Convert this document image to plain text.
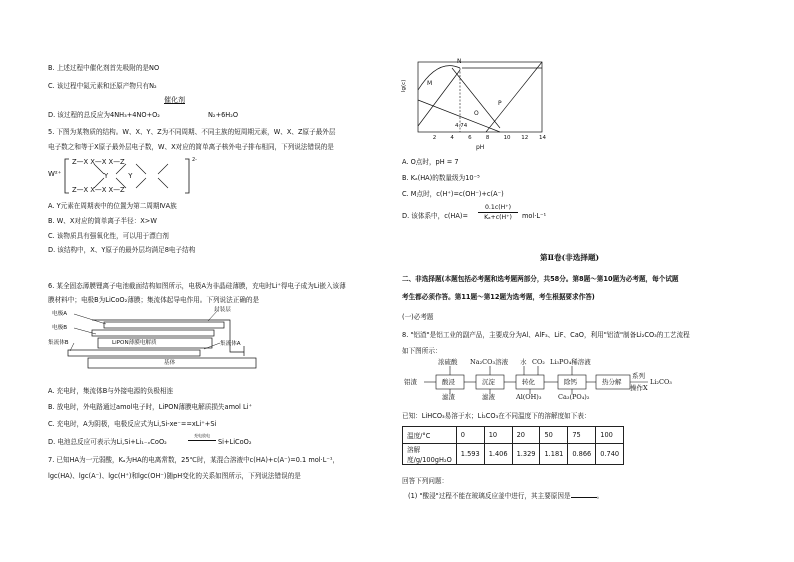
B. 上述过程中催化剂首先吸附的是NO
C. 该过程中氮元素和还原产物只有N₂
催化剂
D. 该过程的总反应为4NH₃+4NO+O₂	N₂+6H₂O
5. 下图为某物质的结构。W、X、Y、Z为不同周期、不同主族的短周期元素，W、X、Z原子最外层
电子数之和等于X原子最外层电子数，W、X对应的简单离子核外电子排布相同，下列说法错误的是
W²⁺
Z—X X—X X—Z
Y Y
Z—X X—X X—Z
2-
A. Y元素在周期表中的位置为第二周期ⅣA族
B. W、X对应的简单离子半径：X>W
C. 该物质具有强氧化性，可以用于漂白剂
D. 该结构中，X、Y原子的最外层均满足8电子结构
6. 某全固态薄膜锂离子电池截面结构如图所示，电极A为非晶硅薄膜，充电时Li⁺得电子成为Li嵌入该薄
膜材料中；电极B为LiCoO₂薄膜；集流体起导电作用。下列说法正确的是
电极A
电极B
集流体B
封装层
LiPON薄膜电解质	集流体A
基体
A. 充电时，集流体B与外接电源的负极相连
B. 放电时，外电路通过amol电子时，LiPON薄膜电解质损失amol Li⁺
C. 充电时，A为阴极，电极反应式为Li,Si-xe⁻==xLi⁺+Si
D. 电池总反应可表示为Li,Si+Li₁₋ₓCoO₂
充电放电
Si+LiCoO₂
7. 已知HA为一元弱酸，Kₐ为HA的电离常数，25℃时，某混合溶液中c(HA)+c(A⁻)=0.1 mol·L⁻¹，
lgc(HA)、lgc(A⁻)、lgc(H⁺)和lgc(OH⁻)随pH变化的关系如图所示，下列说法错误的是
lg(c)
pH
M
N
O
P
4.74
2	4	6	8	10 12 14
A. O点时，pH = 7
B. Kₐ(HA)的数量级为10⁻⁵
C. M点时，c(H⁺)=c(OH⁻)+c(A⁻)
D. 该体系中，c(HA)=
0.1c(H⁺)
Kₐ+c(H⁺)	mol·L⁻¹
第Ⅱ卷(非选择题)
二、非选择题(本题包括必考题和选考题两部分，共58分。第8题～第10题为必考题，每个试题
考生都必须作答。第11题～第12题为选考题，考生根据要求作答)
(一)必考题
8. "铝渣"是铝工业的副产品，主要成分为Al、AlF₃、LiF、CaO，利用"铝渣"制备Li₂CO₃的工艺流程
如下图所示：
铝渣
浓硫酸
酸浸
滤渣
Na₂CO₃溶液
沉淀
滤液
水 CO₂
转化
Al(OH)₃
Li₃PO₄稀溶液
除钙
Ca₃(PO₄)₂
热分解
系列
操作X
Li₂CO₃
已知：LiHCO₃易溶于水；Li₂CO₃在不同温度下的溶解度如下表：
温度/°C	0	10	20	50	75	100
溶解度/g/100gH₂O	1.593	1.406	1.329	1.181	0.866	0.740
回答下列问题：
(1) "酸浸"过程不能在玻璃反应釜中进行，其主要原因是	。
